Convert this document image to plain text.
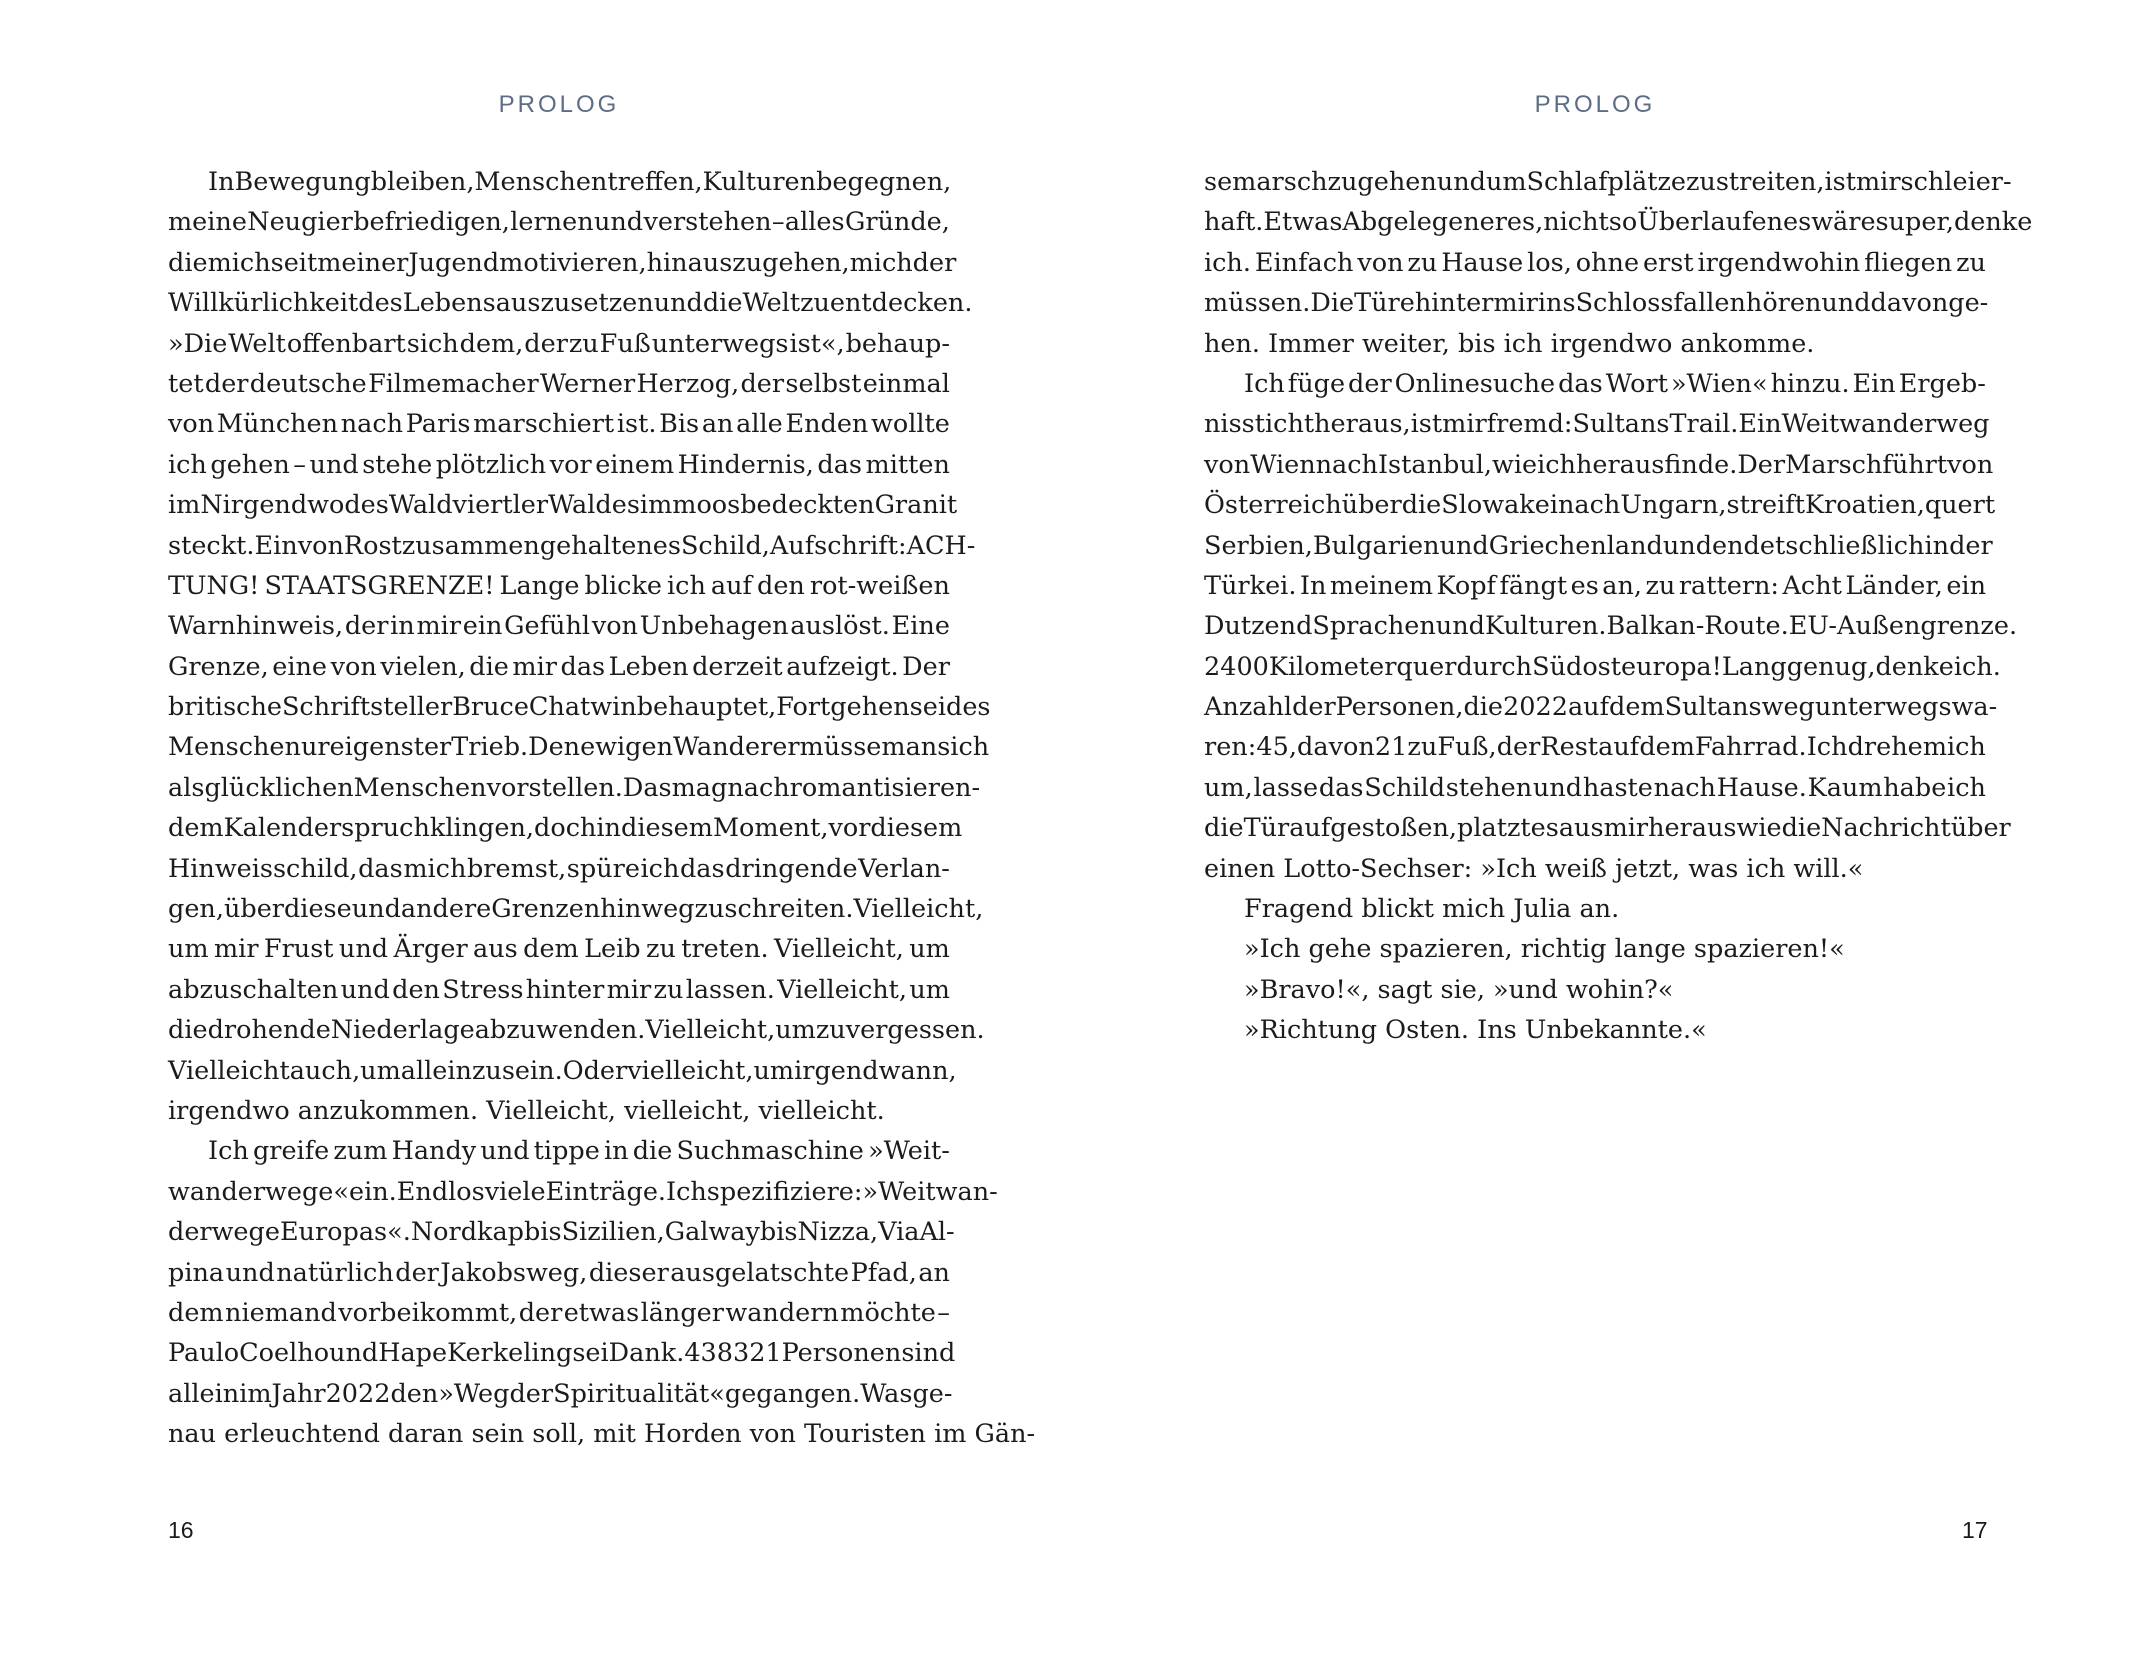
PROLOG
In Bewegung bleiben, Menschen treffen, Kulturen begegnen,
meine Neugier befriedigen, lernen und verstehen – alles Gründe,
die mich seit meiner Jugend motivieren, hinauszugehen, mich der
Willkürlichkeit des Lebens auszusetzen und die Welt zu entdecken.
»Die Welt offenbart sich dem, der zu Fuß unterwegs ist«, behaup-
tet der deutsche Filmemacher Werner Herzog, der selbst einmal
von München nach Paris marschiert ist. Bis an alle Enden wollte
ich gehen – und stehe plötzlich vor einem Hindernis, das mitten
im Nirgendwo des Waldviertler Waldes im moosbedeckten Granit
steckt. Ein von Rost zusammengehaltenes Schild, Aufschrift: ACH-
TUNG! STAATSGRENZE! Lange blicke ich auf den rot-weißen
Warnhinweis, der in mir ein Gefühl von Unbehagen auslöst. Eine
Grenze, eine von vielen, die mir das Leben derzeit aufzeigt. Der
britische Schriftsteller Bruce Chatwin behauptet, Fortgehen sei des
Menschen ureigenster Trieb. Den ewigen Wanderer müsse man sich
als glücklichen Menschen vorstellen. Das mag nach romantisieren-
dem Kalenderspruch klingen, doch in diesem Moment, vor diesem
Hinweisschild, das mich bremst, spüre ich das dringende Verlan-
gen, über diese und andere Grenzen hinwegzuschreiten. Vielleicht,
um mir Frust und Ärger aus dem Leib zu treten. Vielleicht, um
abzuschalten und den Stress hinter mir zu lassen. Vielleicht, um
die drohende Niederlage abzuwenden. Vielleicht, um zu vergessen.
Vielleicht auch, um allein zu sein. Oder vielleicht, um irgendwann,
irgendwo anzukommen. Vielleicht, vielleicht, vielleicht.
Ich greife zum Handy und tippe in die Suchmaschine »Weit-
wanderwege« ein. Endlos viele Einträge. Ich spezifiziere: »Weitwan-
derwege Europas«. Nordkap bis Sizilien, Galway bis Nizza, Via Al-
pina und natürlich der Jakobsweg, dieser ausgelatschte Pfad, an
dem niemand vorbeikommt, der etwas länger wandern möchte –
Paulo Coelho und Hape Kerkeling sei Dank. 438 321 Personen sind
allein im Jahr 2022 den »Weg der Spiritualität« gegangen. Was ge-
nau erleuchtend daran sein soll, mit Horden von Touristen im Gän-
16
PROLOG
semarsch zu gehen und um Schlafplätze zu streiten, ist mir schleier-
haft. Etwas Abgelegeneres, nicht so Überlaufenes wäre super, denke
ich. Einfach von zu Hause los, ohne erst irgendwohin fliegen zu
müssen. Die Türe hinter mir ins Schloss fallen hören und davonge-
hen. Immer weiter, bis ich irgendwo ankomme.
Ich füge der Onlinesuche das Wort »Wien« hinzu. Ein Ergeb-
nis sticht heraus, ist mir fremd: Sultans Trail. Ein Weitwanderweg
von Wien nach Istanbul, wie ich herausfinde. Der Marsch führt von
Österreich über die Slowakei nach Ungarn, streift Kroatien, quert
Serbien, Bulgarien und Griechenland und endet schließlich in der
Türkei. In meinem Kopf fängt es an, zu rattern: Acht Länder, ein
Dutzend Sprachen und Kulturen. Balkan-Route. EU-Außengrenze.
2400 Kilometer quer durch Südosteuropa! Lang genug, denke ich.
Anzahl der Personen, die 2022 auf dem Sultansweg unterwegs wa-
ren: 45, davon 21 zu Fuß, der Rest auf dem Fahrrad. Ich drehe mich
um, lasse das Schild stehen und haste nach Hause. Kaum habe ich
die Tür aufgestoßen, platzt es aus mir heraus wie die Nachricht über
einen Lotto-Sechser: »Ich weiß jetzt, was ich will.«
Fragend blickt mich Julia an.
»Ich gehe spazieren, richtig lange spazieren!«
»Bravo!«, sagt sie, »und wohin?«
»Richtung Osten. Ins Unbekannte.«
17
